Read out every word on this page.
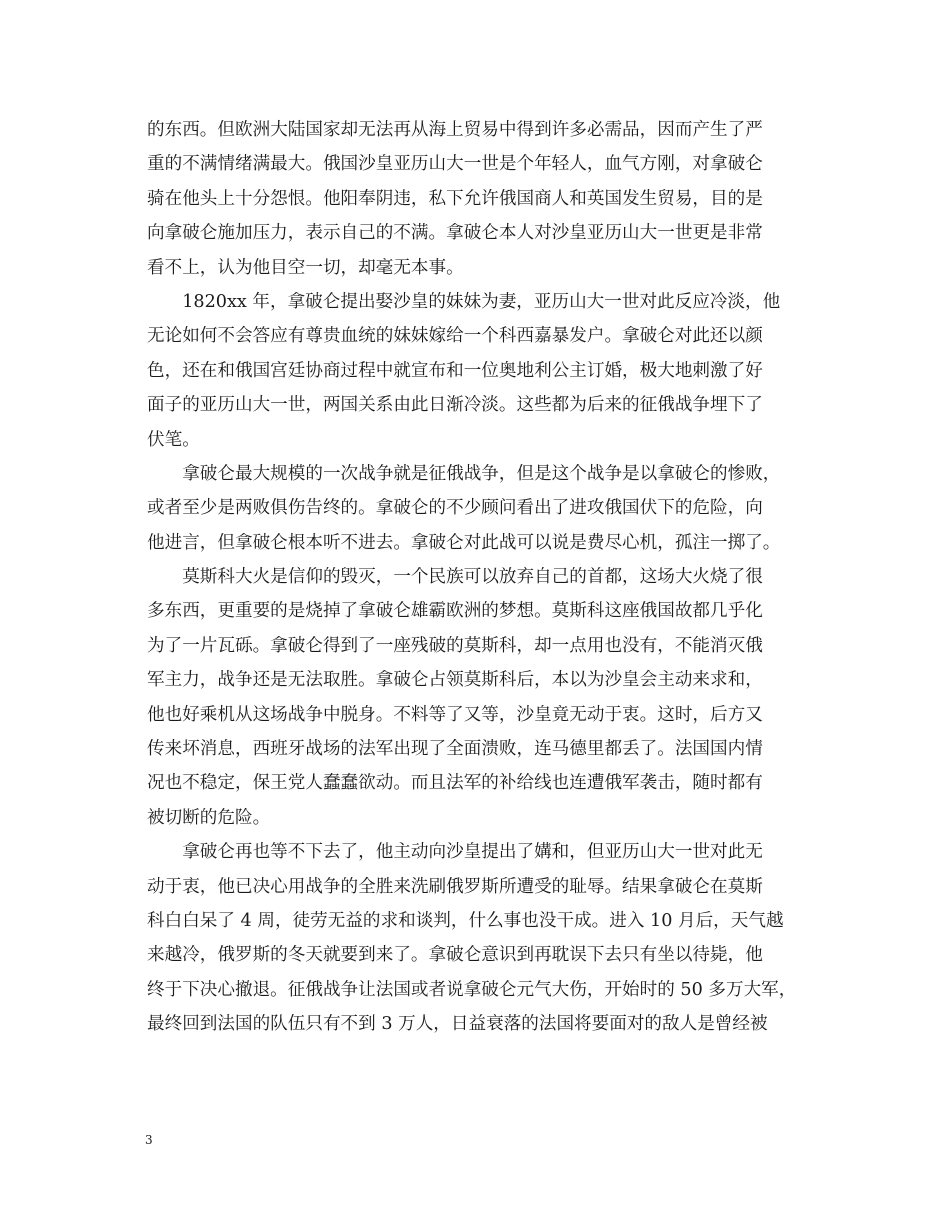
的东西。但欧洲大陆国家却无法再从海上贸易中得到许多必需品，因而产生了严
重的不满情绪满最大。俄国沙皇亚历山大一世是个年轻人，血气方刚，对拿破仑
骑在他头上十分怨恨。他阳奉阴违，私下允许俄国商人和英国发生贸易，目的是
向拿破仑施加压力，表示自己的不满。拿破仑本人对沙皇亚历山大一世更是非常
看不上，认为他目空一切，却毫无本事。

　　1820xx 年，拿破仑提出娶沙皇的妹妹为妻，亚历山大一世对此反应冷淡，他
无论如何不会答应有尊贵血统的妹妹嫁给一个科西嘉暴发户。拿破仑对此还以颜
色，还在和俄国宫廷协商过程中就宣布和一位奥地利公主订婚，极大地刺激了好
面子的亚历山大一世，两国关系由此日渐冷淡。这些都为后来的征俄战争埋下了
伏笔。

　　拿破仑最大规模的一次战争就是征俄战争，但是这个战争是以拿破仑的惨败，
或者至少是两败俱伤告终的。拿破仑的不少顾问看出了进攻俄国伏下的危险，向
他进言，但拿破仑根本听不进去。拿破仑对此战可以说是费尽心机，孤注一掷了。

　　莫斯科大火是信仰的毁灭，一个民族可以放弃自己的首都，这场大火烧了很
多东西，更重要的是烧掉了拿破仑雄霸欧洲的梦想。莫斯科这座俄国故都几乎化
为了一片瓦砾。拿破仑得到了一座残破的莫斯科，却一点用也没有，不能消灭俄
军主力，战争还是无法取胜。拿破仑占领莫斯科后，本以为沙皇会主动来求和，
他也好乘机从这场战争中脱身。不料等了又等，沙皇竟无动于衷。这时，后方又
传来坏消息，西班牙战场的法军出现了全面溃败，连马德里都丢了。法国国内情
况也不稳定，保王党人蠢蠢欲动。而且法军的补给线也连遭俄军袭击，随时都有
被切断的危险。

　　拿破仑再也等不下去了，他主动向沙皇提出了媾和，但亚历山大一世对此无
动于衷，他已决心用战争的全胜来洗刷俄罗斯所遭受的耻辱。结果拿破仑在莫斯
科白白呆了 4 周，徒劳无益的求和谈判，什么事也没干成。进入 10 月后，天气越
来越冷，俄罗斯的冬天就要到来了。拿破仑意识到再耽误下去只有坐以待毙，他
终于下决心撤退。征俄战争让法国或者说拿破仑元气大伤，开始时的 50 多万大军，
最终回到法国的队伍只有不到 3 万人，日益衰落的法国将要面对的敌人是曾经被

3
